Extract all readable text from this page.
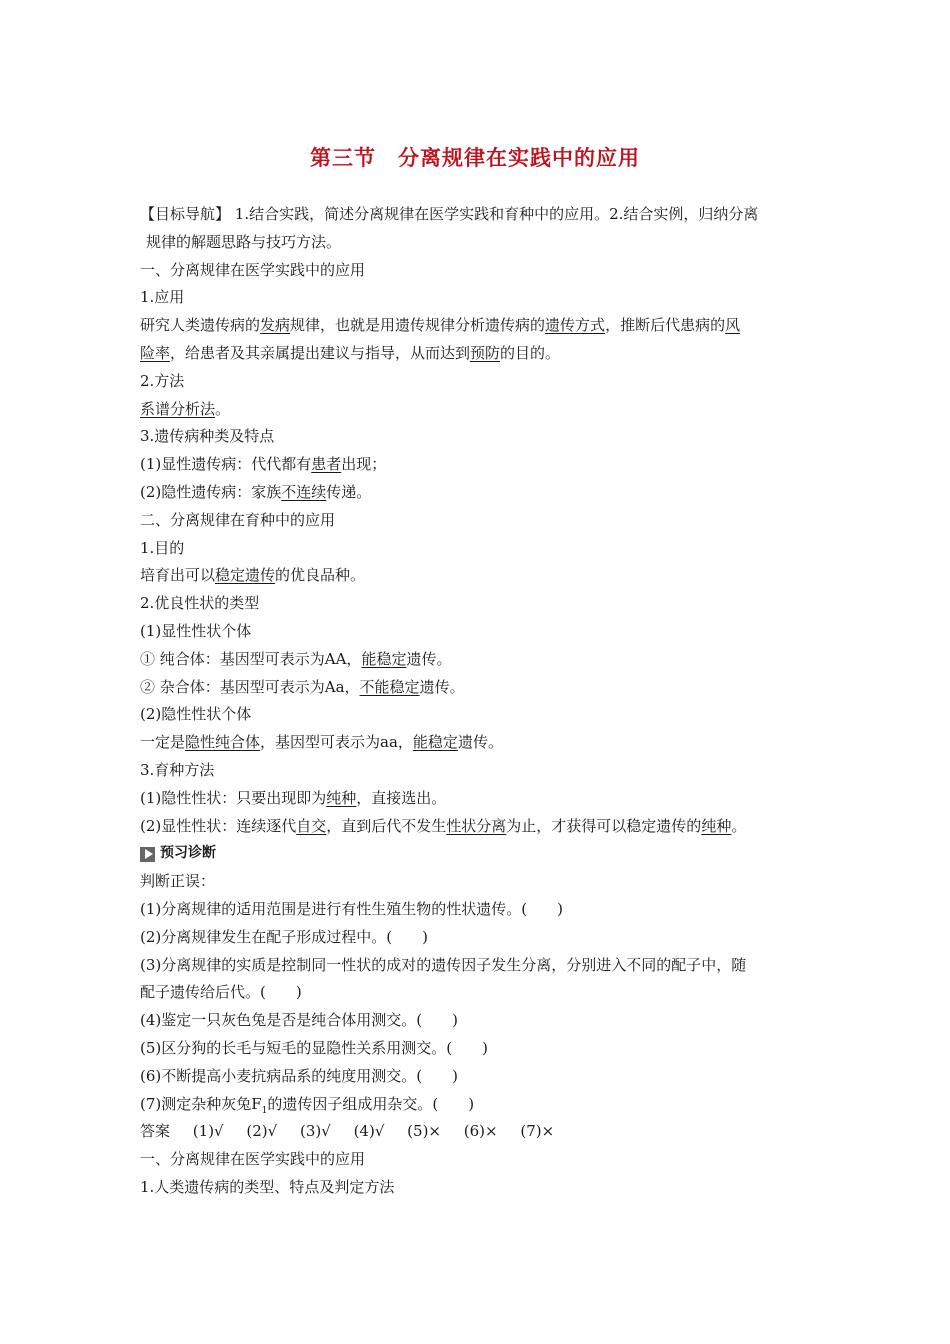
第三节　分离规律在实践中的应用
【目标导航】 1.结合实践，简述分离规律在医学实践和育种中的应用。2.结合实例，归纳分离
规律的解题思路与技巧方法。
一、分离规律在医学实践中的应用
1.应用
研究人类遗传病的发病规律，也就是用遗传规律分析遗传病的遗传方式，推断后代患病的风
险率，给患者及其亲属提出建议与指导，从而达到预防的目的。
2.方法
系谱分析法。
3.遗传病种类及特点
(1)显性遗传病：代代都有患者出现；
(2)隐性遗传病：家族不连续传递。
二、分离规律在育种中的应用
1.目的
培育出可以稳定遗传的优良品种。
2.优良性状的类型
(1)显性性状个体
① 纯合体：基因型可表示为AA，能稳定遗传。
② 杂合体：基因型可表示为Aa，不能稳定遗传。
(2)隐性性状个体
一定是隐性纯合体，基因型可表示为aa，能稳定遗传。
3.育种方法
(1)隐性性状：只要出现即为纯种，直接选出。
(2)显性性状：连续逐代自交，直到后代不发生性状分离为止，才获得可以稳定遗传的纯种。
预习诊断
判断正误：
(1)分离规律的适用范围是进行有性生殖生物的性状遗传。( )
(2)分离规律发生在配子形成过程中。( )
(3)分离规律的实质是控制同一性状的成对的遗传因子发生分离，分别进入不同的配子中，随
配子遗传给后代。( )
(4)鉴定一只灰色兔是否是纯合体用测交。( )
(5)区分狗的长毛与短毛的显隐性关系用测交。( )
(6)不断提高小麦抗病品系的纯度用测交。( )
(7)测定杂种灰兔$F_1$的遗传因子组成用杂交。( )
答案 (1)√ (2)√ (3)√ (4)√ (5)× (6)× (7)×
一、分离规律在医学实践中的应用
1.人类遗传病的类型、特点及判定方法
